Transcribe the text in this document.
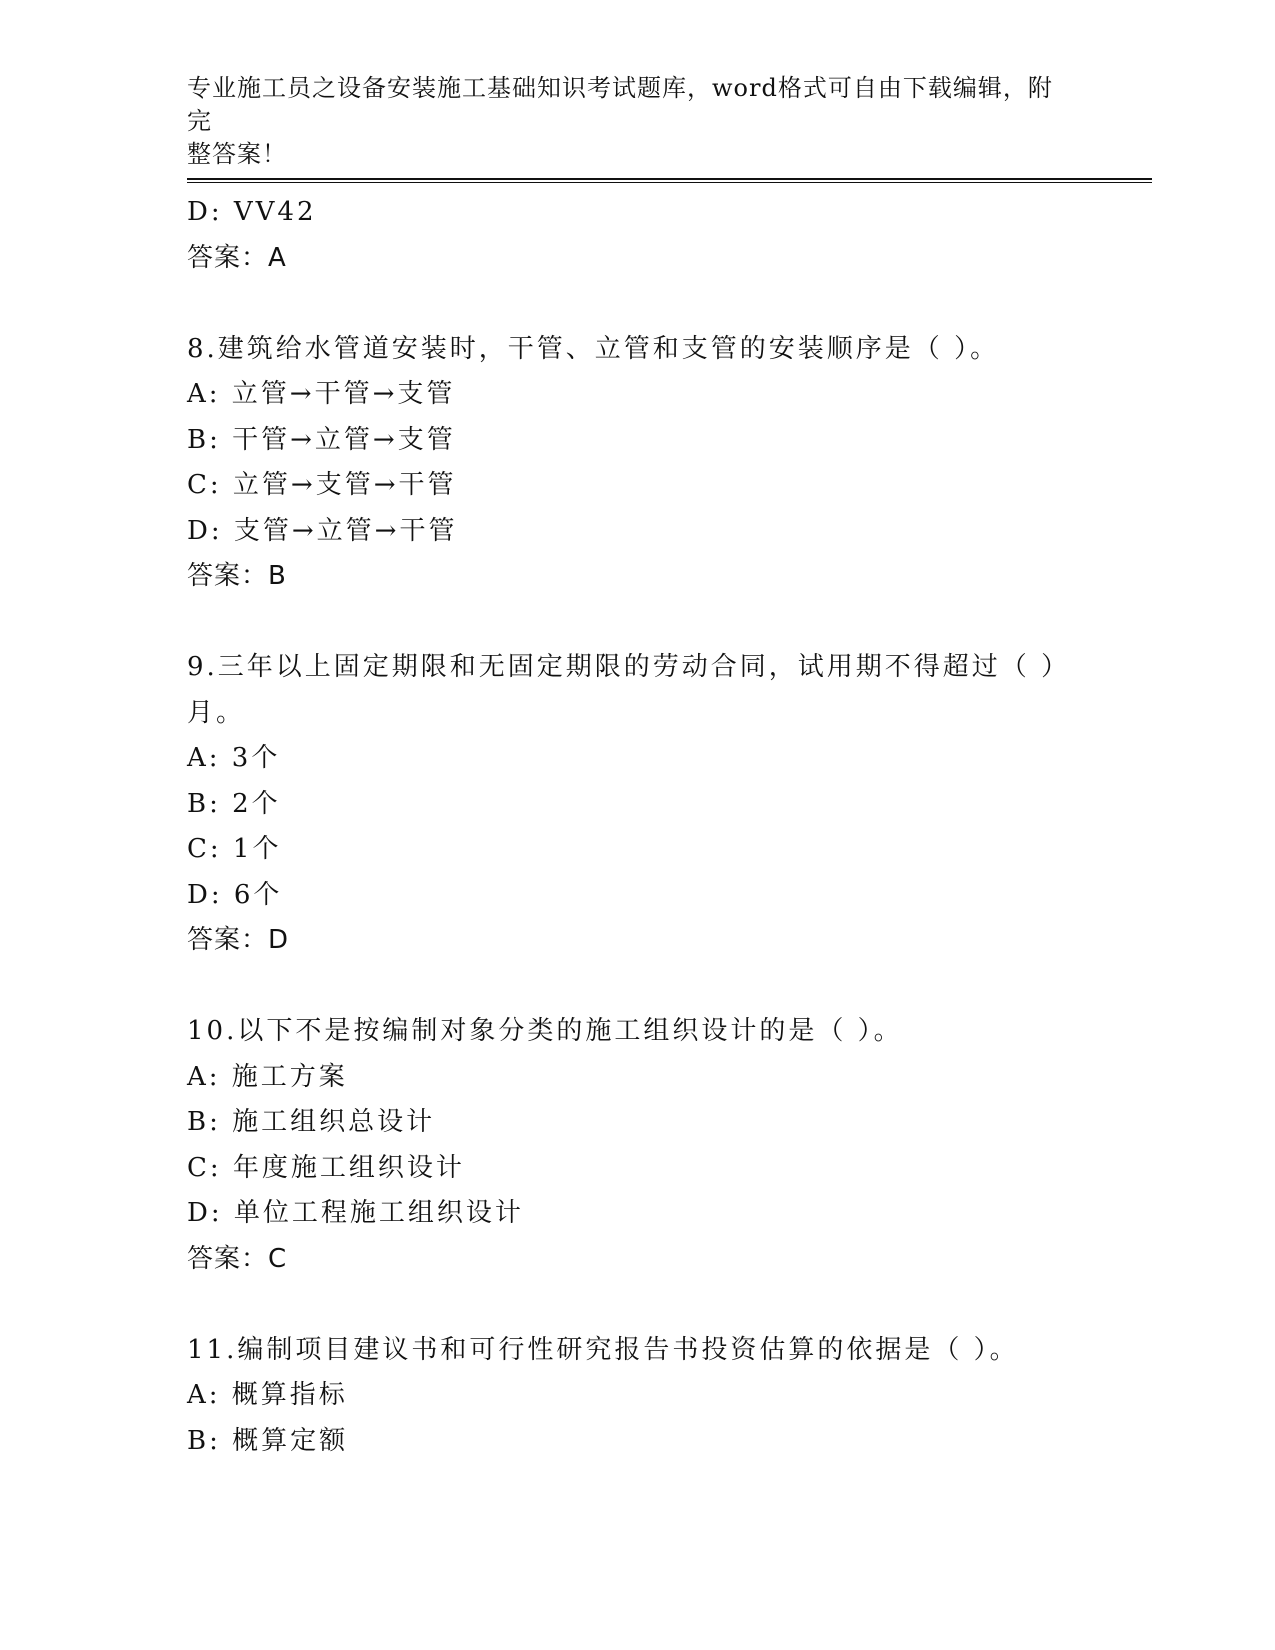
专业施工员之设备安装施工基础知识考试题库，word格式可自由下载编辑，附完
整答案！
D: VV42
答案：A
8.建筑给水管道安装时，干管、立管和支管的安装顺序是（ ）。
A: 立管→干管→支管
B: 干管→立管→支管
C: 立管→支管→干管
D: 支管→立管→干管
答案：B
9.三年以上固定期限和无固定期限的劳动合同，试用期不得超过（ ）
月。
A: 3个
B: 2个
C: 1个
D: 6个
答案：D
10.以下不是按编制对象分类的施工组织设计的是（ ）。
A: 施工方案
B: 施工组织总设计
C: 年度施工组织设计
D: 单位工程施工组织设计
答案：C
11.编制项目建议书和可行性研究报告书投资估算的依据是（ ）。
A: 概算指标
B: 概算定额
